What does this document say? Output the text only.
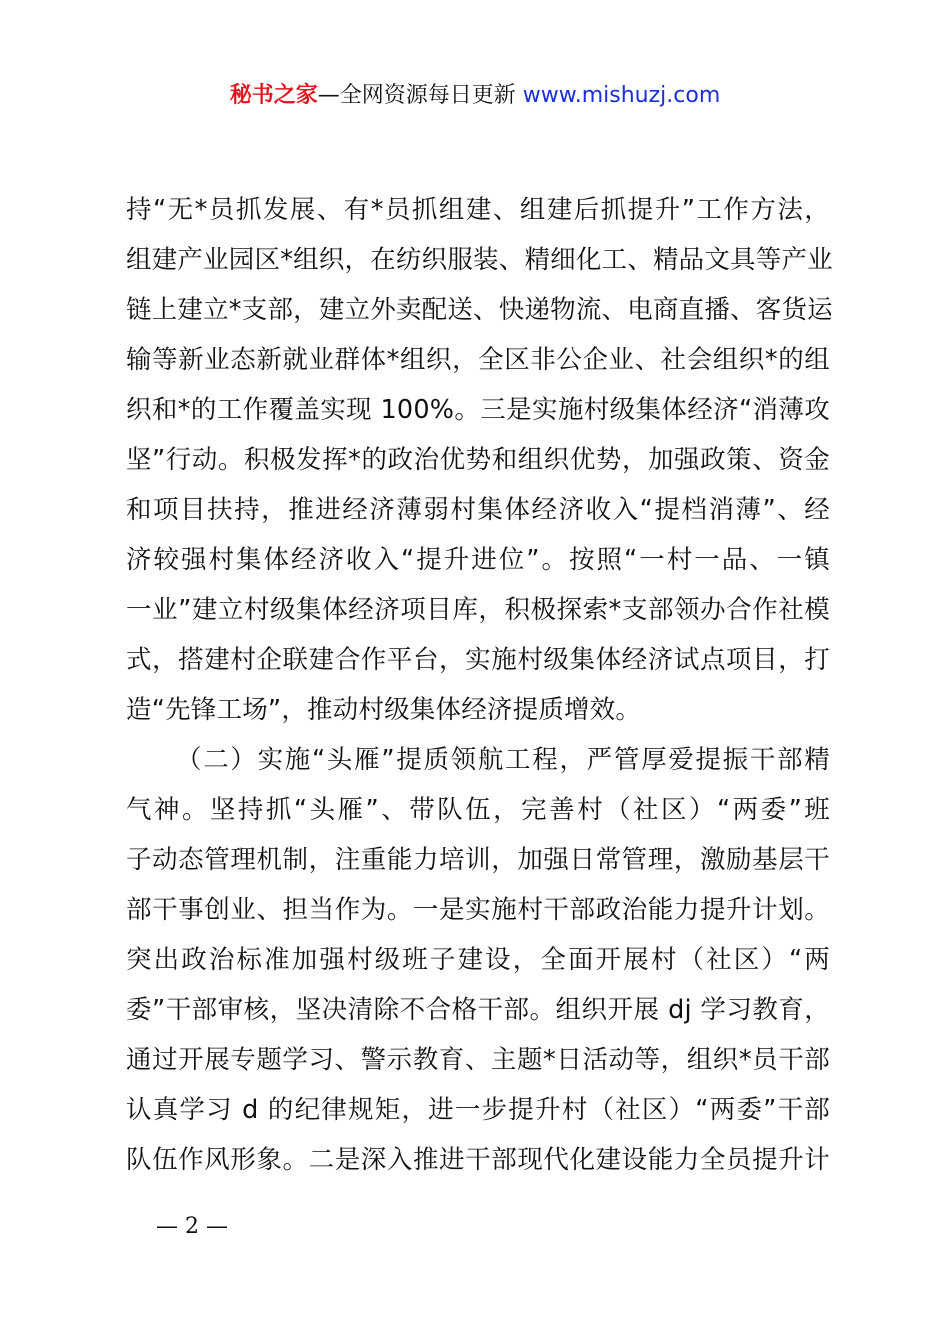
秘书之家—全网资源每日更新 www.mishuzj.com
持“无*员抓发展、有*员抓组建、组建后抓提升”工作方法，
组建产业园区*组织，在纺织服装、精细化工、精品文具等产业
链上建立*支部，建立外卖配送、快递物流、电商直播、客货运
输等新业态新就业群体*组织，全区非公企业、社会组织*的组
织和*的工作覆盖实现 100%。三是实施村级集体经济“消薄攻
坚”行动。积极发挥*的政治优势和组织优势，加强政策、资金
和项目扶持，推进经济薄弱村集体经济收入“提档消薄”、经
济较强村集体经济收入“提升进位”。按照“一村一品、一镇
一业”建立村级集体经济项目库，积极探索*支部领办合作社模
式，搭建村企联建合作平台，实施村级集体经济试点项目，打
造“先锋工场”，推动村级集体经济提质增效。
（二）实施“头雁”提质领航工程，严管厚爱提振干部精
气神。坚持抓“头雁”、带队伍，完善村（社区）“两委”班
子动态管理机制，注重能力培训，加强日常管理，激励基层干
部干事创业、担当作为。一是实施村干部政治能力提升计划。
突出政治标准加强村级班子建设，全面开展村（社区）“两
委”干部审核，坚决清除不合格干部。组织开展 dj 学习教育，
通过开展专题学习、警示教育、主题*日活动等，组织*员干部
认真学习 d 的纪律规矩，进一步提升村（社区）“两委”干部
队伍作风形象。二是深入推进干部现代化建设能力全员提升计
— 2 —
